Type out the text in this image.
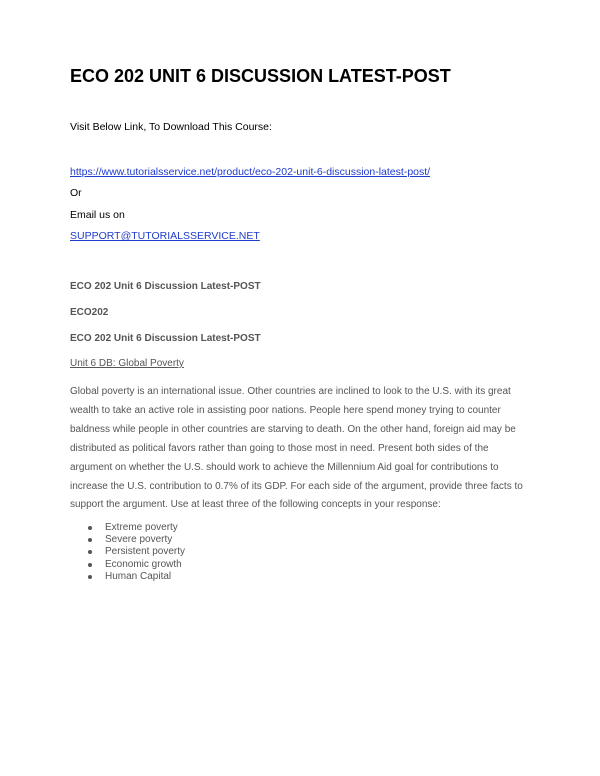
ECO 202 UNIT 6 DISCUSSION LATEST-POST
Visit Below Link, To Download This Course:
https://www.tutorialsservice.net/product/eco-202-unit-6-discussion-latest-post/
Or
Email us on
SUPPORT@TUTORIALSSERVICE.NET
ECO 202 Unit 6 Discussion Latest-POST
ECO202
ECO 202 Unit 6 Discussion Latest-POST
Unit 6 DB: Global Poverty

Global poverty is an international issue. Other countries are inclined to look to the U.S. with its great wealth to take an active role in assisting poor nations. People here spend money trying to counter baldness while people in other countries are starving to death. On the other hand, foreign aid may be distributed as political favors rather than going to those most in need. Present both sides of the argument on whether the U.S. should work to achieve the Millennium Aid goal for contributions to increase the U.S. contribution to 0.7% of its GDP. For each side of the argument, provide three facts to support the argument. Use at least three of the following concepts in your response:

Extreme poverty
Severe poverty
Persistent poverty
Economic growth
Human Capital
